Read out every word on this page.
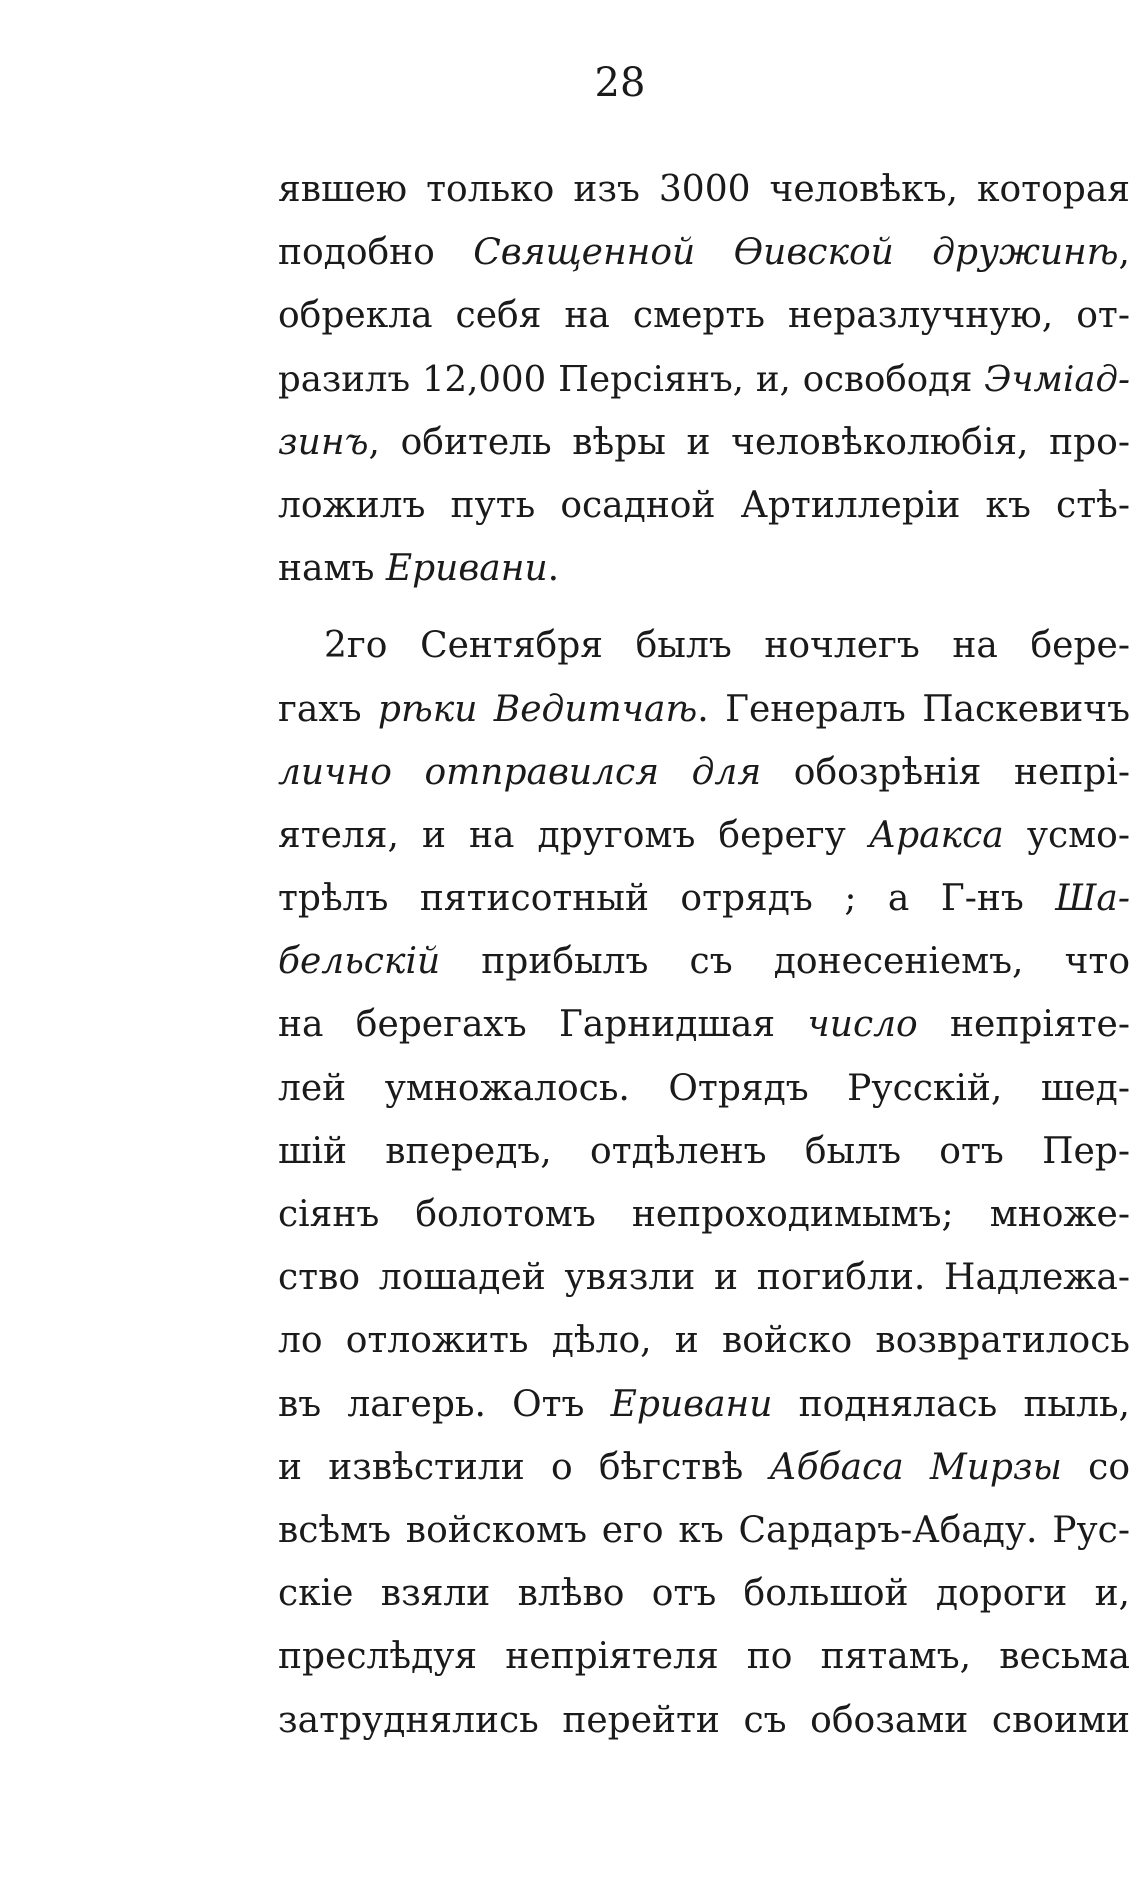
28
явшею только изъ 3000 человѣкъ, которая
подобно Священной Ѳивской дружинѣ,
обрекла себя на смерть неразлучную, от-
разилъ 12,000 Персіянъ, и, освободя Эчміад-
зинъ, обитель вѣры и человѣколюбія, про-
ложилъ путь осадной Артиллеріи къ стѣ-
намъ Еривани.
2го Сентября былъ ночлегъ на бере-
гахъ рѣки Ведитчаѣ. Генералъ Паскевичъ
лично отправился для обозрѣнія непрі-
ятеля, и на другомъ берегу Аракса усмо-
трѣлъ пятисотный отрядъ ; а Г-нъ Ша-
бельскій прибылъ съ донесеніемъ, что
на берегахъ Гарнидшая число непріяте-
лей умножалось. Отрядъ Русскій, шед-
шій впередъ, отдѣленъ былъ отъ Пер-
сіянъ болотомъ непроходимымъ; множе-
ство лошадей увязли и погибли. Надлежа-
ло отложить дѣло, и войско возвратилось
въ лагерь. Отъ Еривани поднялась пыль,
и извѣстили о бѣгствѣ Аббаса Мирзы со
всѣмъ войскомъ его къ Сардаръ-Абаду. Рус-
скіе взяли влѣво отъ большой дороги и,
преслѣдуя непріятеля по пятамъ, весьма
затруднялись перейти съ обозами своими
